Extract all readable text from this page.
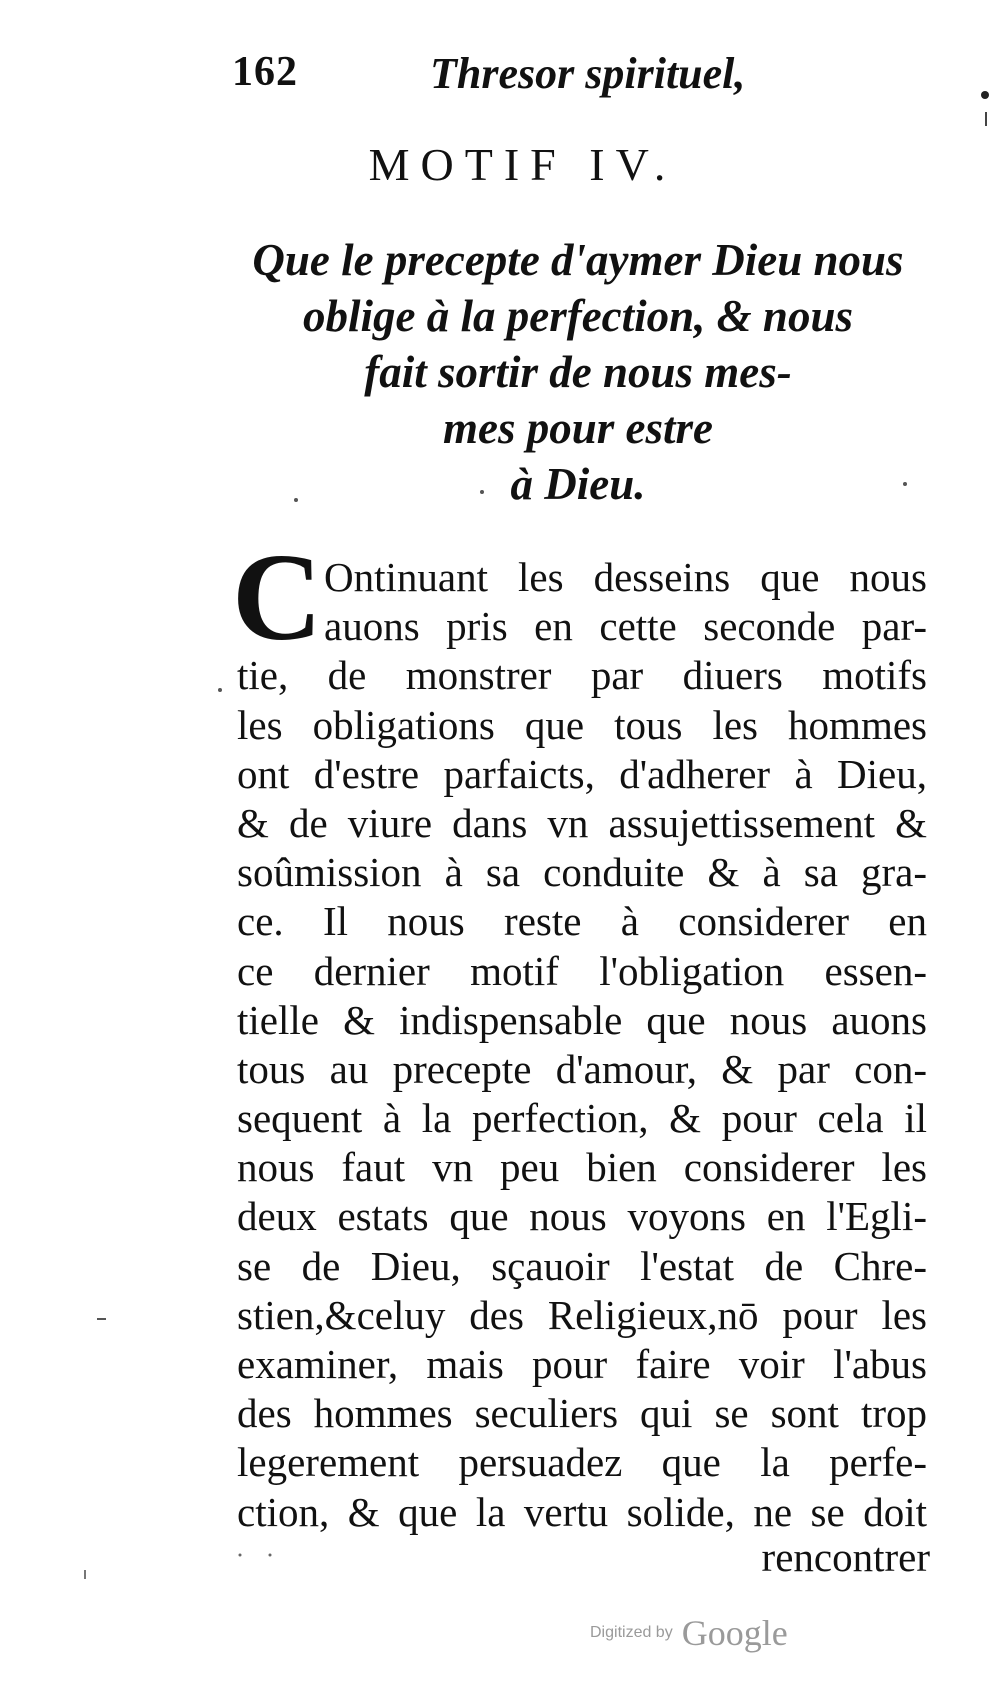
162	Thresor spirituel,
MOTIF IV.
Que le precepte d'aymer Dieu nous
oblige à la perfection, & nous
fait sortir de nous mes-
mes pour estre
à Dieu.
C Ontinuant les desseins que nous
auons pris en cette seconde par-
tie, de monstrer par diuers motifs
les obligations que tous les hommes
ont d'estre parfaicts, d'adherer à Dieu,
& de viure dans vn assujettissement &
soûmission à sa conduite & à sa gra-
ce. Il nous reste à considerer en
ce dernier motif l'obligation essen-
tielle & indispensable que nous auons
tous au precepte d'amour, & par con-
sequent à la perfection, & pour cela il
nous faut vn peu bien considerer les
deux estats que nous voyons en l'Egli-
se de Dieu, sçauoir l'estat de Chre-
stien,&celuy des Religieux,nō pour les
examiner, mais pour faire voir l'abus
des hommes seculiers qui se sont trop
legerement persuadez que la perfe-
ction, & que la vertu solide, ne se doit
rencontrer
Digitized by Google
